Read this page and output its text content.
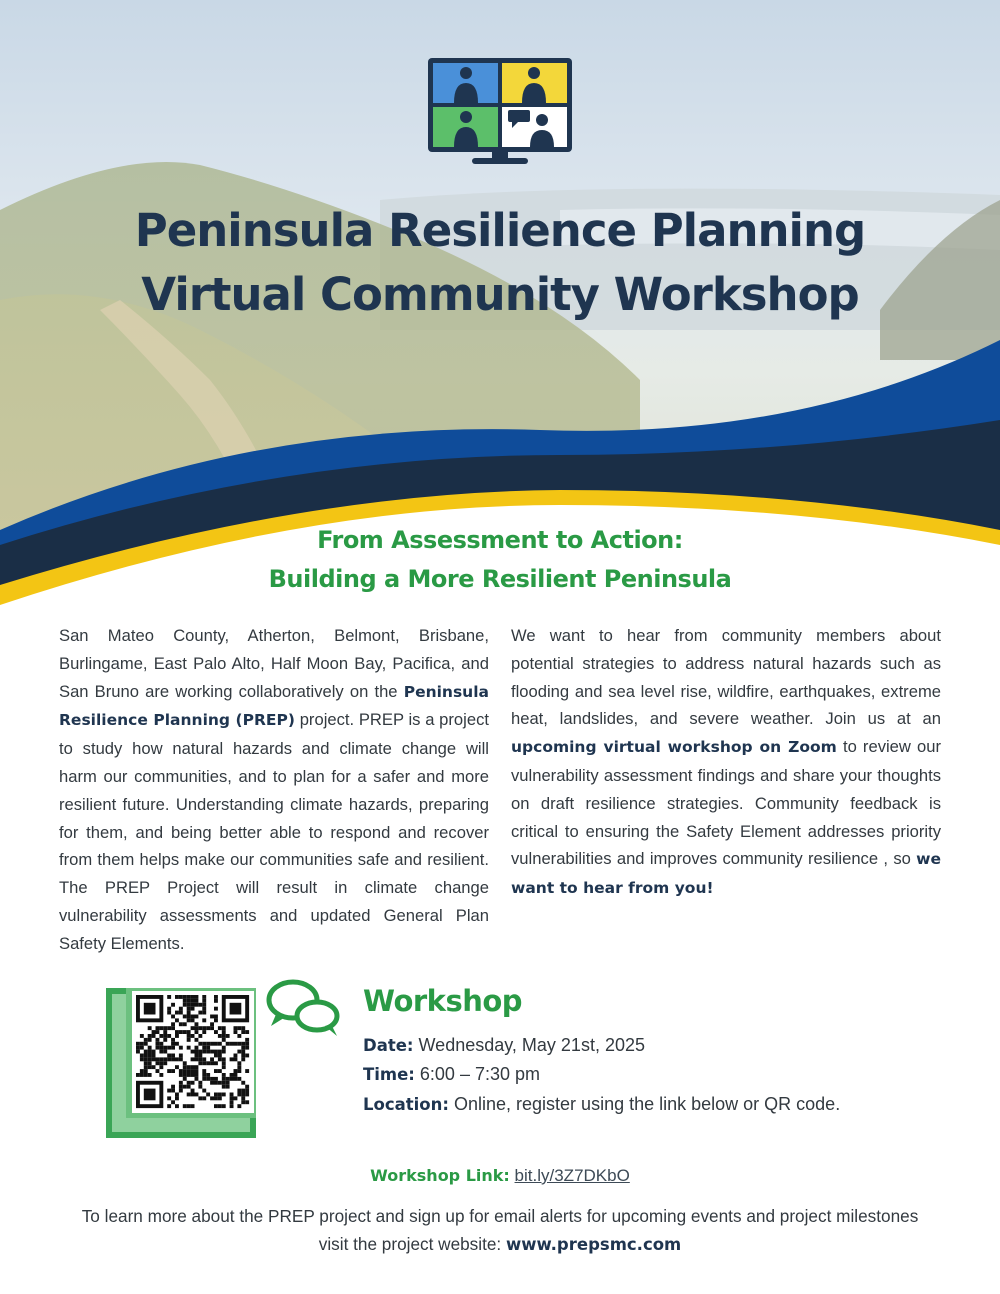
Peninsula Resilience Planning
Virtual Community Workshop
From Assessment to Action:
Building a More Resilient Peninsula
San Mateo County, Atherton, Belmont, Brisbane, Burlingame, East Palo Alto, Half Moon Bay, Pacifica, and San Bruno are working collaboratively on the Peninsula Resilience Planning (PREP) project. PREP is a project to study how natural hazards and climate change will harm our communities, and to plan for a safer and more resilient future. Understanding climate hazards, preparing for them, and being better able to respond and recover from them helps make our communities safe and resilient. The PREP Project will result in climate change vulnerability assessments and updated General Plan Safety Elements.
We want to hear from community members about potential strategies to address natural hazards such as flooding and sea level rise, wildfire, earthquakes, extreme heat, landslides, and severe weather. Join us at an upcoming virtual workshop on Zoom to review our vulnerability assessment findings and share your thoughts on draft resilience strategies. Community feedback is critical to ensuring the Safety Element addresses priority vulnerabilities and improves community resilience , so we want to hear from you!
Workshop
Date: Wednesday, May 21st, 2025
Time: 6:00 – 7:30 pm
Location: Online, register using the link below or QR code.
Workshop Link: bit.ly/3Z7DKbO
To learn more about the PREP project and sign up for email alerts for upcoming events and project milestones
visit the project website: www.prepsmc.com
